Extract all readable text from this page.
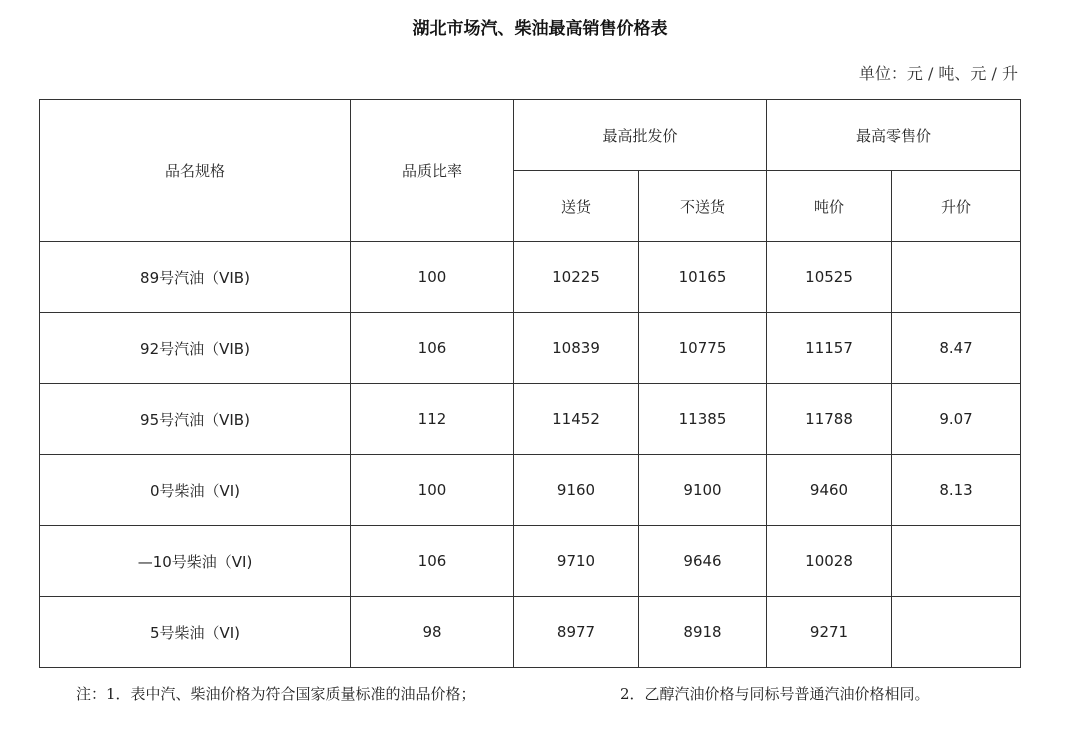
湖北市场汽、柴油最高销售价格表
单位：元 / 吨、元 / 升
品名规格	品质比率	最高批发价		最高零售价	
		送货	不送货	吨价	升价
89号汽油（VIB)	100	10225	10165	10525	
92号汽油（VIB)	106	10839	10775	11157	8.47
95号汽油（VIB)	112	11452	11385	11788	9.07
0号柴油（VI)	100	9160	9100	9460	8.13
—10号柴油（VI)	106	9710	9646	10028	
5号柴油（VI)	98	8977	8918	9271	
注：1．表中汽、柴油价格为符合国家质量标准的油品价格；	2．乙醇汽油价格与同标号普通汽油价格相同。
